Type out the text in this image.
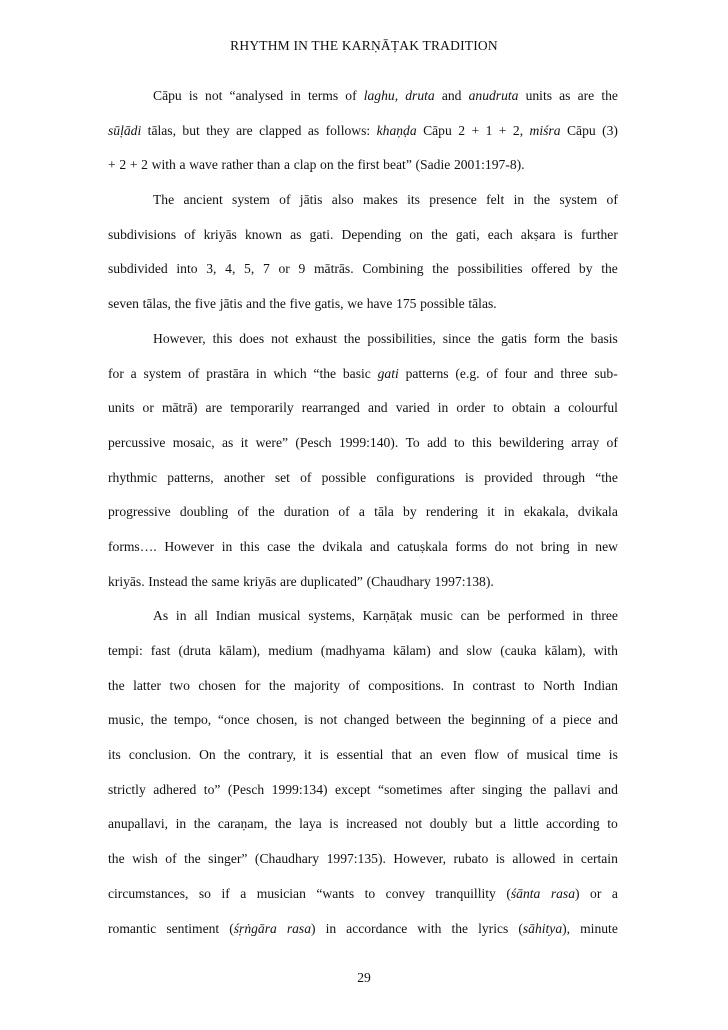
RHYTHM IN THE KARṆĀṬAK TRADITION
Cāpu is not “analysed in terms of laghu, druta and anudruta units as are the
sūḷādi tālas, but they are clapped as follows: khaṇḍa Cāpu 2 + 1 + 2, miśra Cāpu (3)
+ 2 + 2 with a wave rather than a clap on the first beat” (Sadie 2001:197-8).
The ancient system of jātis also makes its presence felt in the system of
subdivisions of kriyās known as gati. Depending on the gati, each akṣara is further
subdivided into 3, 4, 5, 7 or 9 mātrās. Combining the possibilities offered by the
seven tālas, the five jātis and the five gatis, we have 175 possible tālas.
However, this does not exhaust the possibilities, since the gatis form the basis
for a system of prastāra in which “the basic gati patterns (e.g. of four and three sub-
units or mātrā) are temporarily rearranged and varied in order to obtain a colourful
percussive mosaic, as it were” (Pesch 1999:140). To add to this bewildering array of
rhythmic patterns, another set of possible configurations is provided through “the
progressive doubling of the duration of a tāla by rendering it in ekakala, dvikala
forms…. However in this case the dvikala and catuṣkala forms do not bring in new
kriyās. Instead the same kriyās are duplicated” (Chaudhary 1997:138).
As in all Indian musical systems, Karṇāṭak music can be performed in three
tempi: fast (druta kālam), medium (madhyama kālam) and slow (cauka kālam), with
the latter two chosen for the majority of compositions. In contrast to North Indian
music, the tempo, “once chosen, is not changed between the beginning of a piece and
its conclusion. On the contrary, it is essential that an even flow of musical time is
strictly adhered to” (Pesch 1999:134) except “sometimes after singing the pallavi and
anupallavi, in the caraṇam, the laya is increased not doubly but a little according to
the wish of the singer” (Chaudhary 1997:135). However, rubato is allowed in certain
circumstances, so if a musician “wants to convey tranquillity (śānta rasa) or a
romantic sentiment (śṛṅgāra rasa) in accordance with the lyrics (sāhitya), minute
29
